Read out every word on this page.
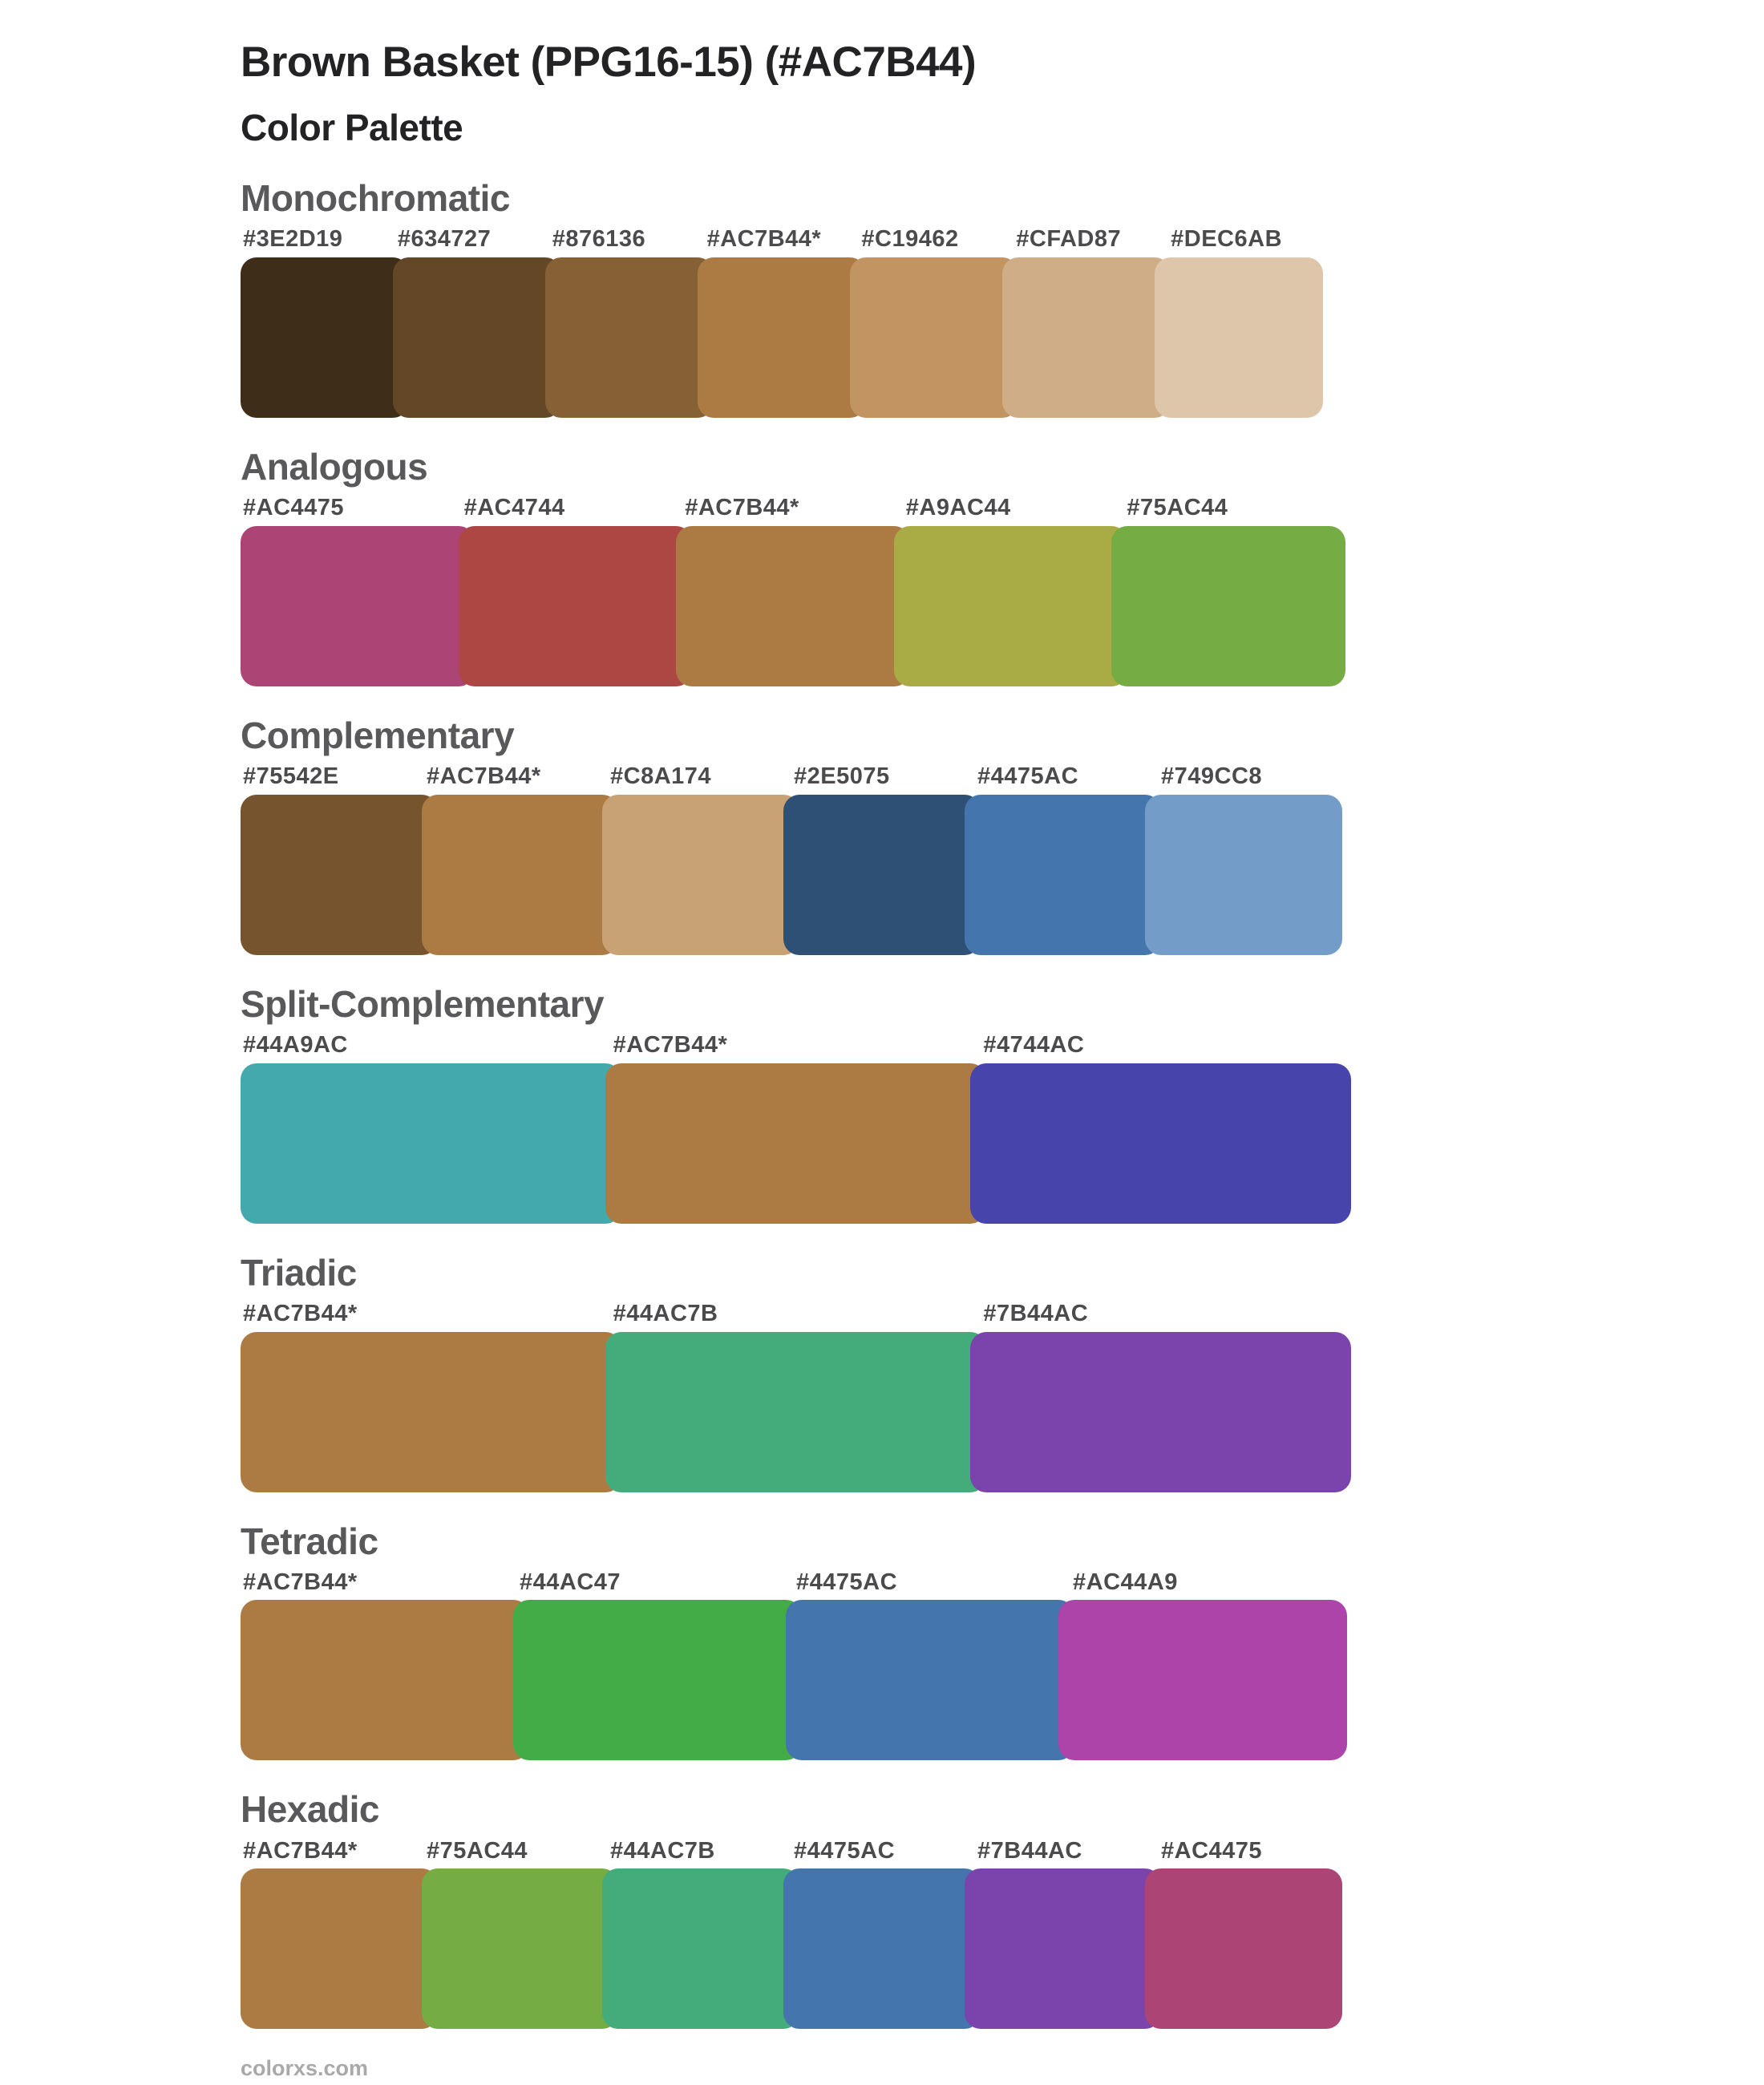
Brown Basket (PPG16-15) (#AC7B44)
Color Palette
Monochromatic
#3E2D19	#634727	#876136	#AC7B44*	#C19462	#CFAD87	#DEC6AB
Analogous
#AC4475	#AC4744	#AC7B44*	#A9AC44	#75AC44
Complementary
#75542E	#AC7B44*	#C8A174	#2E5075	#4475AC	#749CC8
Split-Complementary
#44A9AC	#AC7B44*	#4744AC
Triadic
#AC7B44*	#44AC7B	#7B44AC
Tetradic
#AC7B44*	#44AC47	#4475AC	#AC44A9
Hexadic
#AC7B44*	#75AC44	#44AC7B	#4475AC	#7B44AC	#AC4475
colorxs.com
